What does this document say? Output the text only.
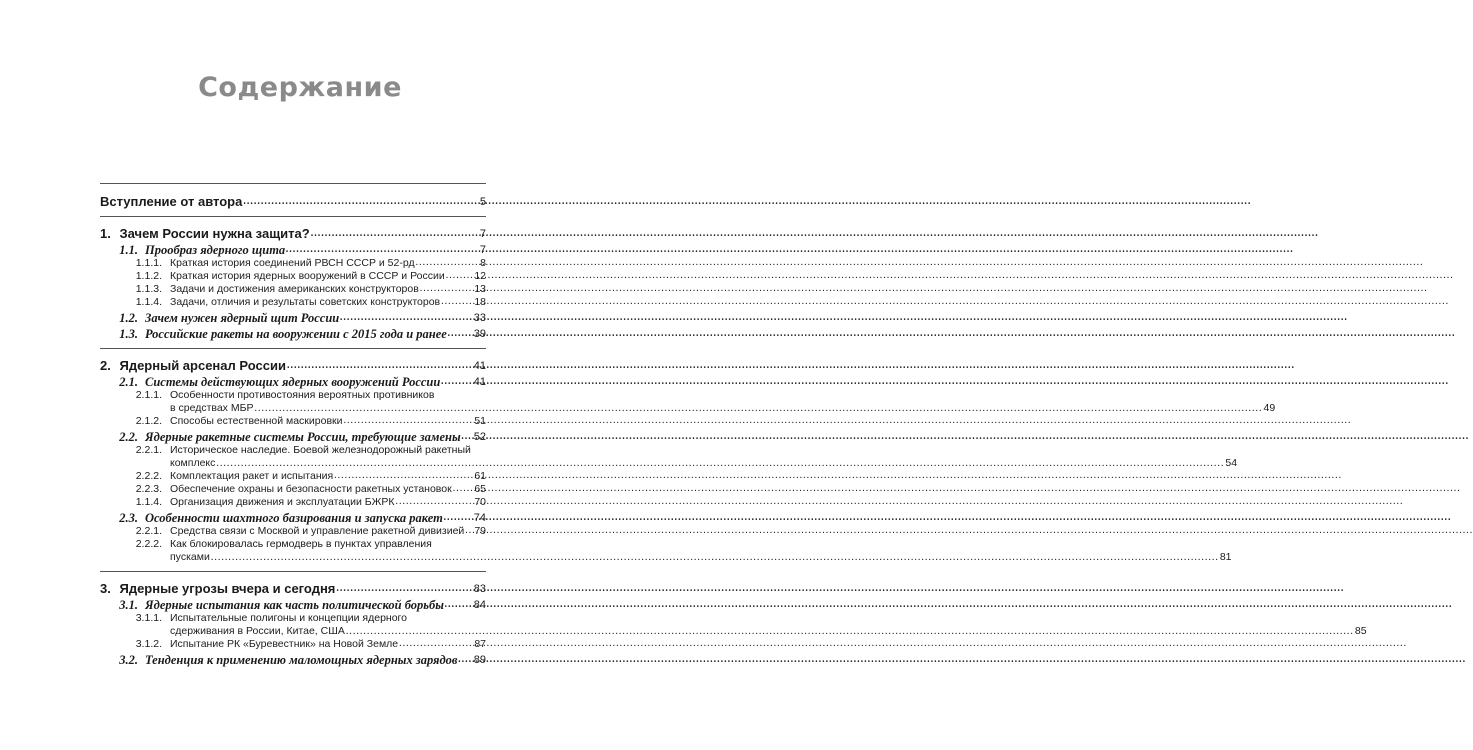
Содержание
Вступление от автора .....	5
1. Зачем России нужна защита? .....	7
1.1. Прообраз ядерного щита .....	7
1.1.1. Краткая история соединений РВСН СССР и 52-рд .....	8
1.1.2. Краткая история ядерных вооружений в СССР и России .....	12
1.1.3. Задачи и достижения американских конструкторов .....	13
1.1.4. Задачи, отличия и результаты советских конструкторов .....	18
1.2. Зачем нужен ядерный щит России .....	33
1.3. Российские ракеты на вооружении с 2015 года и ранее ..... 39
2. Ядерный арсенал России .....	41
2.1. Системы действующих ядерных вооружений России .....	41
2.1.1. Особенности противостояния вероятных противников
в средствах МБР .....	49
2.1.2. Способы естественной маскировки .....	51
2.2. Ядерные ракетные системы России, требующие замены ..... 52
2.2.1. Историческое наследие. Боевой железнодорожный ракетный
комплекс .....	54
2.2.2. Комплектация ракет и испытания .....	61
2.2.3. Обеспечение охраны и безопасности ракетных установок ..... 65
1.1.4. Организация движения и эксплуатации БЖРК .....	70
2.3. Особенности шахтного базирования и запуска ракет .....	74
2.2.1. Средства связи с Москвой и управление ракетной дивизией ..... 79
2.2.2. Как блокировалась гермодверь в пунктах управления
пусками .....	81
3. Ядерные угрозы вчера и сегодня .....	83
3.1. Ядерные испытания как часть политической борьбы .....	84
3.1.1. Испытательные полигоны и концепции ядерного
сдерживания в России, Китае, США .....	85
3.1.2. Испытание РК «Буревестник» на Новой Земле .....	87
3.2. Тенденция к применению маломощных ядерных зарядов ..... 89
